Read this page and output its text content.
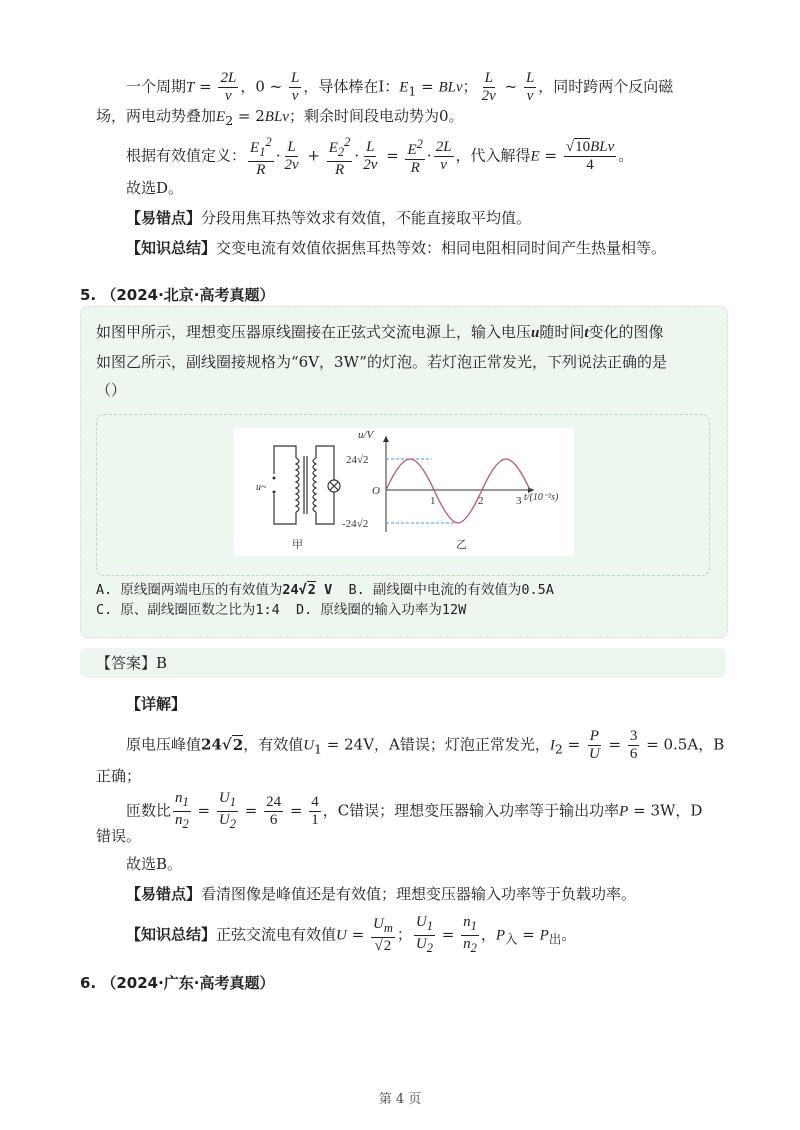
一个周期$T = \frac{2L}{v}$ ，0 ~ $\frac{L}{v}$ ，导体棒在I：$E_1$ = BLv； $\frac{L}{2v}$ ~ $\frac{L}{v}$ ，同时跨两个反向磁
场，两电动势叠加$E_2 = 2BLv$；剩余时间段电动势为0。
根据有效值定义： $\frac{E_1^2}{R} \cdot \frac{L}{2v} + \frac{E_2^2}{R} \cdot \frac{L}{2v} = \frac{E^2}{R} \cdot \frac{2L}{v}$ ，代入解得$E = \frac{\text{√10BLv}}{4}$ 。
故选D。
【易错点】分段用焦耳热等效求有效值，不能直接取平均值。
【知识总结】交变电流有效值依据焦耳热等效：相同电阻相同时间产生热量相等。
5. （2024·北京·高考真题）
如图甲所示，理想变压器原线圈接在正弦式交流电源上，输入电压u随时间t变化的图像
如图乙所示，副线圈接规格为“6V，3W”的灯泡。若灯泡正常发光，下列说法正确的是
（）
u~
甲
u/V
24√2
-24√2
O
1	2	3 t/(10⁻²s)
乙
A. 原线圈两端电压的有效值为24√2 V B. 副线圈中电流的有效值为0.5A
C. 原、副线圈匝数之比为1:4 D. 原线圈的输入功率为12W
【答案】B
【详解】
原电压峰值24√2，有效值$U_1 = 24V$，A错误；灯泡正常发光，$I_2 = \frac{P}{U} = \frac{3}{6} = 0.5A$，B
正确；
匝数比 $\frac{n_1}{n_2} = \frac{U_1}{U_2} = \frac{24}{6} = \frac{4}{1}$ ，C错误；理想变压器输入功率等于输出功率P = 3W，D
错误。
故选B。
【易错点】看清图像是峰值还是有效值；理想变压器输入功率等于负载功率。
【知识总结】正弦交流电有效值$U = \frac{U_m}{√2}$ ； $\frac{U_1}{U_2} = \frac{n_1}{n_2}$ ，$P_入 = P_出$。
6. （2024·广东·高考真题）
第 4 页
